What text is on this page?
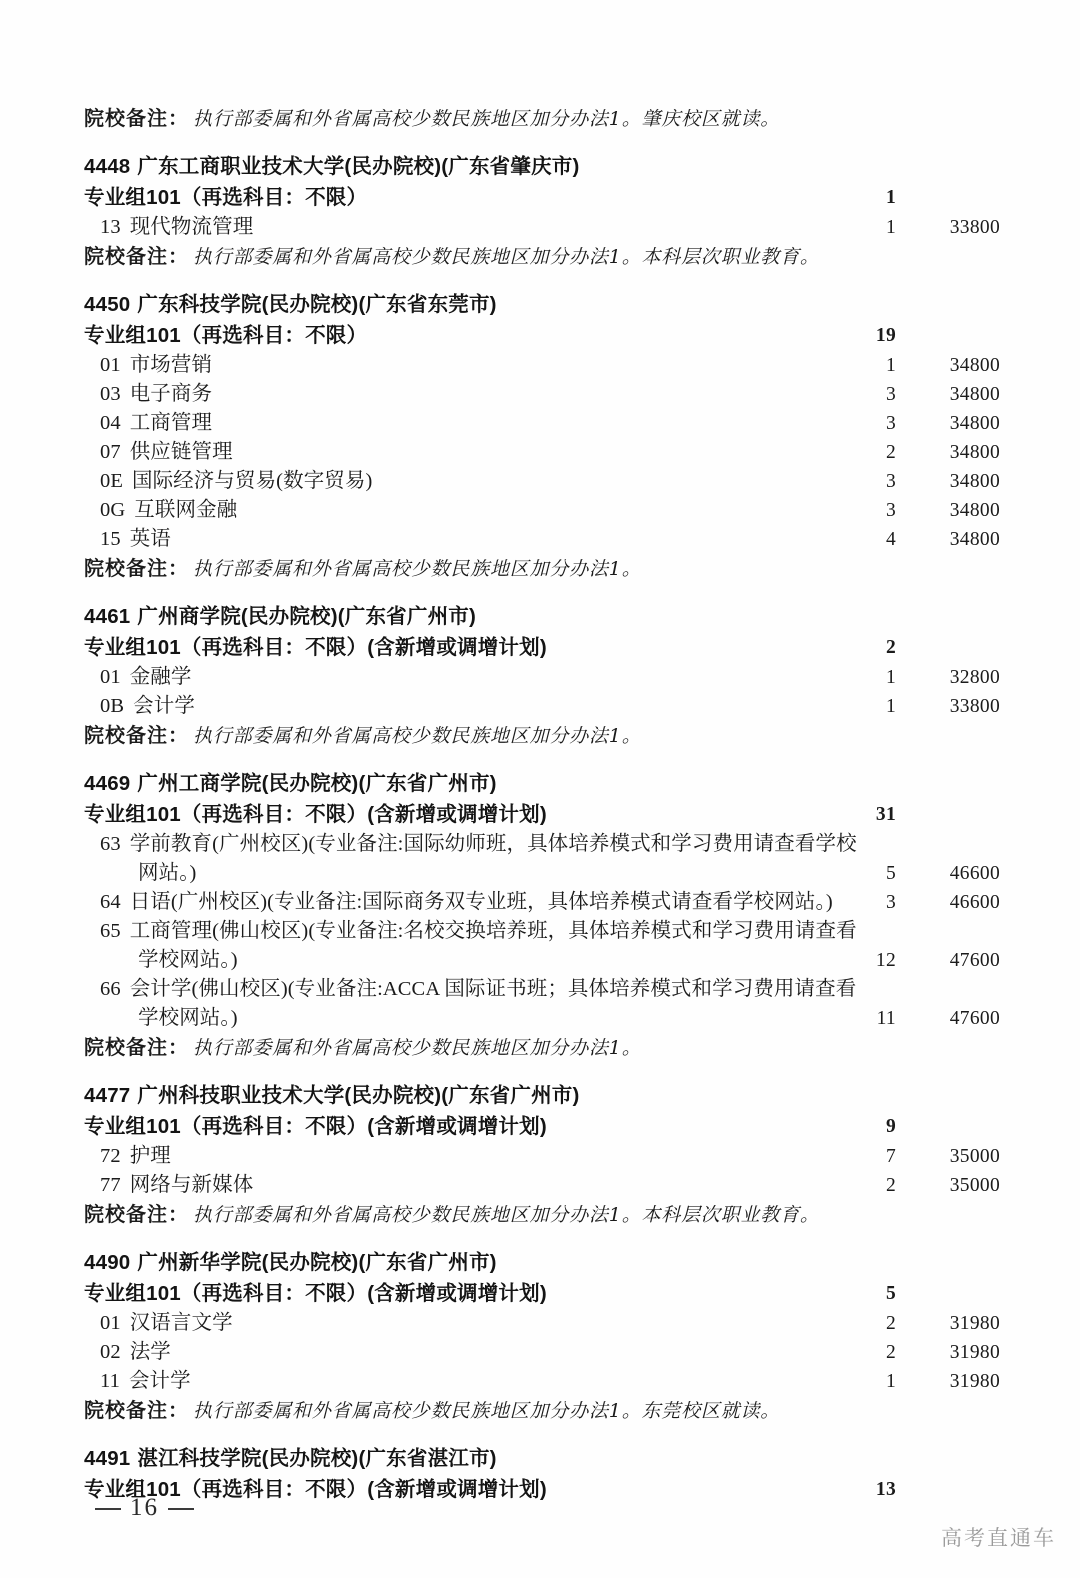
院校备注： 执行部委属和外省属高校少数民族地区加分办法1。肇庆校区就读。
4448 广东工商职业技术大学(民办院校)(广东省肇庆市)
专业组101（再选科目：不限）	1
13 现代物流管理	1	33800
院校备注： 执行部委属和外省属高校少数民族地区加分办法1。本科层次职业教育。
4450 广东科技学院(民办院校)(广东省东莞市)
专业组101（再选科目：不限）	19
01 市场营销	1	34800
03 电子商务	3	34800
04 工商管理	3	34800
07 供应链管理	2	34800
0E 国际经济与贸易(数字贸易)	3	34800
0G 互联网金融	3	34800
15 英语	4	34800
院校备注： 执行部委属和外省属高校少数民族地区加分办法1。
4461 广州商学院(民办院校)(广东省广州市)
专业组101（再选科目：不限）(含新增或调增计划)	2
01 金融学	1	32800
0B 会计学	1	33800
院校备注： 执行部委属和外省属高校少数民族地区加分办法1。
4469 广州工商学院(民办院校)(广东省广州市)
专业组101（再选科目：不限）(含新增或调增计划)	31
63 学前教育(广州校区)(专业备注:国际幼师班，具体培养模式和学习费用请查看学校网站。)	5	46600
64 日语(广州校区)(专业备注:国际商务双专业班，具体培养模式请查看学校网站。)	3	46600
65 工商管理(佛山校区)(专业备注:名校交换培养班，具体培养模式和学习费用请查看学校网站。)	12	47600
66 会计学(佛山校区)(专业备注:ACCA 国际证书班；具体培养模式和学习费用请查看学校网站。)	11	47600
院校备注： 执行部委属和外省属高校少数民族地区加分办法1。
4477 广州科技职业技术大学(民办院校)(广东省广州市)
专业组101（再选科目：不限）(含新增或调增计划)	9
72 护理	7	35000
77 网络与新媒体	2	35000
院校备注： 执行部委属和外省属高校少数民族地区加分办法1。本科层次职业教育。
4490 广州新华学院(民办院校)(广东省广州市)
专业组101（再选科目：不限）(含新增或调增计划)	5
01 汉语言文学	2	31980
02 法学	2	31980
11 会计学	1	31980
院校备注： 执行部委属和外省属高校少数民族地区加分办法1。东莞校区就读。
4491 湛江科技学院(民办院校)(广东省湛江市)
专业组101（再选科目：不限）(含新增或调增计划)	13
16
高考直通车
